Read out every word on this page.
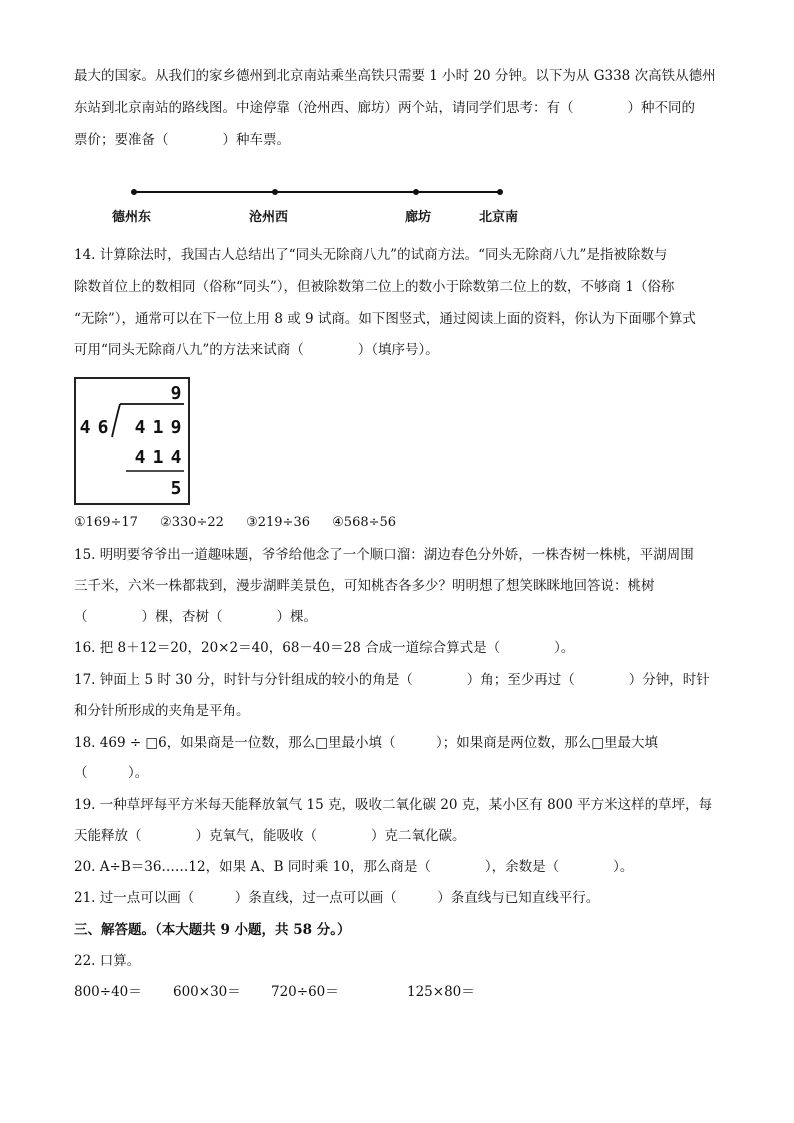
最大的国家。从我们的家乡德州到北京南站乘坐高铁只需要 1 小时 20 分钟。以下为从 G338 次高铁从德州
东站到北京南站的路线图。中途停靠（沧州西、廊坊）两个站，请同学们思考：有（　　　　）种不同的
票价；要准备（　　　　）种车票。
德州东	沧州西	廊坊	北京南
14. 计算除法时，我国古人总结出了“同头无除商八九”的试商方法。“同头无除商八九”是指被除数与
除数首位上的数相同（俗称“同头”），但被除数第二位上的数小于除数第二位上的数，不够商 1（俗称
“无除”），通常可以在下一位上用 8 或 9 试商。如下图竖式，通过阅读上面的资料，你认为下面哪个算式
可用“同头无除商八九”的方法来试商（　　　　）（填序号）。
9
4 6 4 1 9
4 1 4
5
①169÷17 ②330÷22 ③219÷36 ④568÷56
15. 明明要爷爷出一道趣味题，爷爷给他念了一个顺口溜：湖边春色分外娇，一株杏树一株桃，平湖周围
三千米，六米一株都栽到，漫步湖畔美景色，可知桃杏各多少？明明想了想笑眯眯地回答说：桃树
（　　　　）棵，杏树（　　　　）棵。
16. 把 8＋12＝20，20×2＝40，68－40＝28 合成一道综合算式是（　　　　）。
17. 钟面上 5 时 30 分，时针与分针组成的较小的角是（　　　　）角；至少再过（　　　　）分钟，时针
和分针所形成的夹角是平角。
18. 469 ÷ □6，如果商是一位数，那么□里最小填（　　　）；如果商是两位数，那么□里最大填
（　　　）。
19. 一种草坪每平方米每天能释放氧气 15 克，吸收二氧化碳 20 克，某小区有 800 平方米这样的草坪，每
天能释放（　　　　）克氧气，能吸收（　　　　）克二氧化碳。
20. A÷B＝36……12，如果 A、B 同时乘 10，那么商是（　　　　），余数是（　　　　）。
21. 过一点可以画（　　　）条直线，过一点可以画（　　　）条直线与已知直线平行。
三、解答题。（本大题共 9 小题，共 58 分。）
22. 口算。
800÷40＝ 600×30＝ 720÷60＝	125×80＝
